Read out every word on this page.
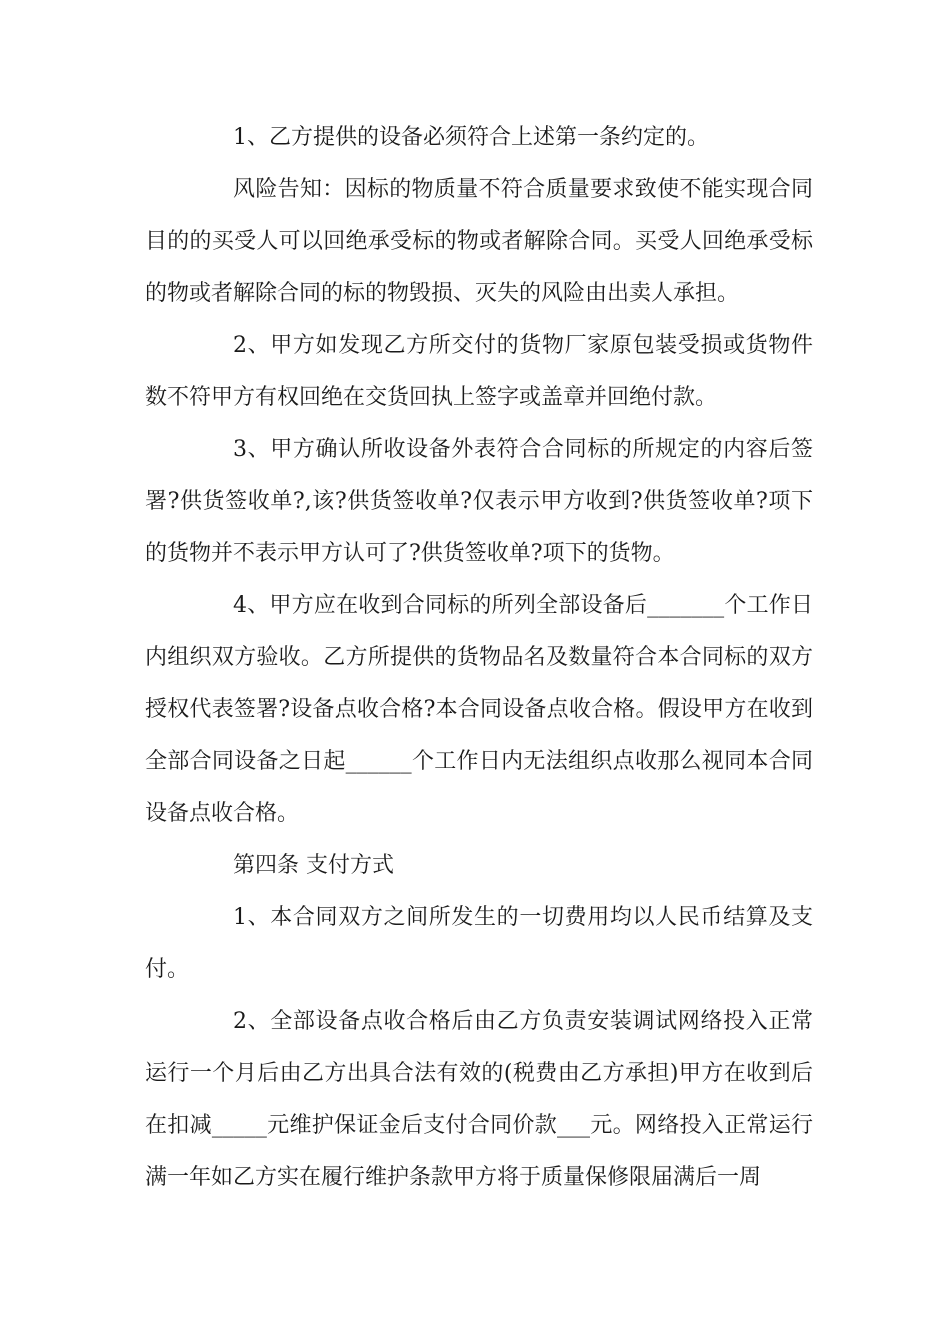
1、乙方提供的设备必须符合上述第一条约定的。

风险告知：因标的物质量不符合质量要求致使不能实现合同目的的买受人可以回绝承受标的物或者解除合同。买受人回绝承受标的物或者解除合同的标的物毁损、灭失的风险由出卖人承担。

2、甲方如发现乙方所交付的货物厂家原包装受损或货物件数不符甲方有权回绝在交货回执上签字或盖章并回绝付款。

3、甲方确认所收设备外表符合合同标的所规定的内容后签署?供货签收单?,该?供货签收单?仅表示甲方收到?供货签收单?项下的货物并不表示甲方认可了?供货签收单?项下的货物。

4、甲方应在收到合同标的所列全部设备后_______个工作日内组织双方验收。乙方所提供的货物品名及数量符合本合同标的双方授权代表签署?设备点收合格?本合同设备点收合格。假设甲方在收到全部合同设备之日起______个工作日内无法组织点收那么视同本合同设备点收合格。

第四条 支付方式

1、本合同双方之间所发生的一切费用均以人民币结算及支付。

2、全部设备点收合格后由乙方负责安装调试网络投入正常运行一个月后由乙方出具合法有效的(税费由乙方承担)甲方在收到后在扣减_____元维护保证金后支付合同价款___元。网络投入正常运行满一年如乙方实在履行维护条款甲方将于质量保修限届满后一周
